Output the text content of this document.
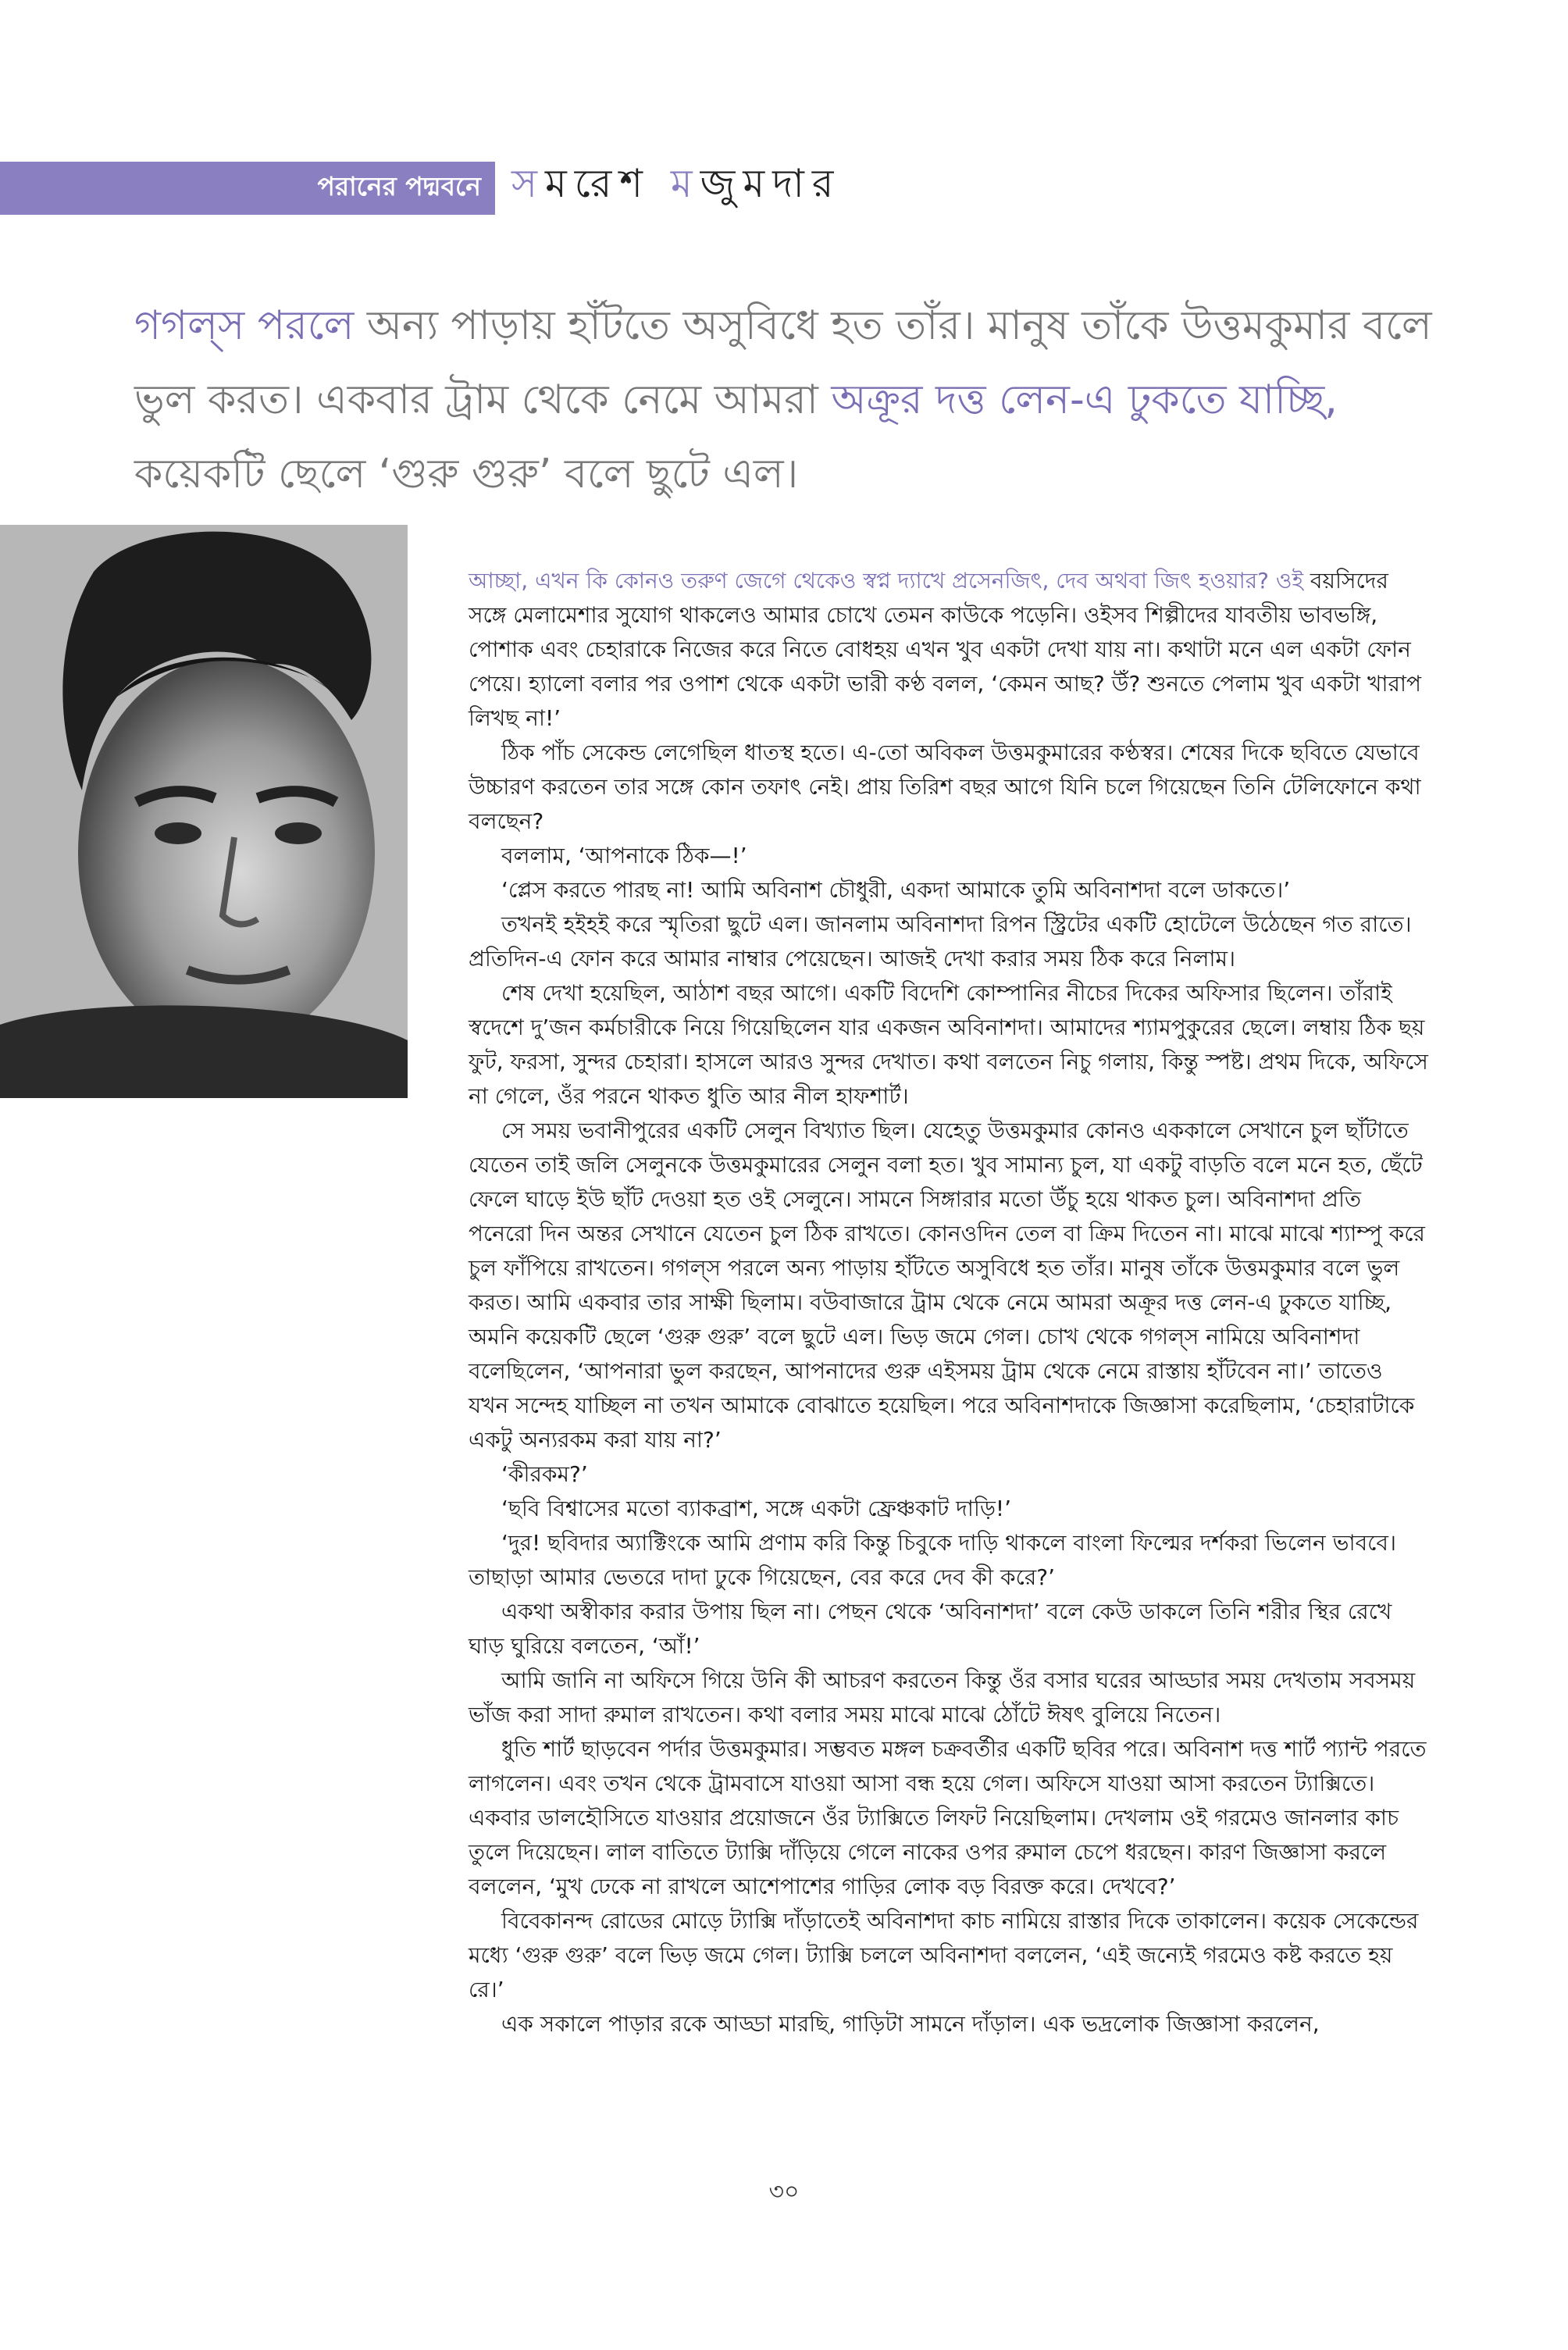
পরানের পদ্মবনে সমরেশ মজুমদার
গগল্‌স পরলে অন্য পাড়ায় হাঁটতে অসুবিধে হত তাঁর। মানুষ তাঁকে উত্তমকুমার বলে ভুল করত। একবার ট্রাম থেকে নেমে আমরা অক্রূর দত্ত লেন-এ ঢুকতে যাচ্ছি, কয়েকটি ছেলে ‘গুরু গুরু’ বলে ছুটে এল।

আচ্ছা, এখন কি কোনও তরুণ জেগে থেকেও স্বপ্ন দ্যাখে প্রসেনজিৎ, দেব অথবা জিৎ হওয়ার? ওই বয়সিদের সঙ্গে মেলামেশার সুযোগ থাকলেও আমার চোখে তেমন কাউকে পড়েনি। ওইসব শিল্পীদের যাবতীয় ভাবভঙ্গি, পোশাক এবং চেহারাকে নিজের করে নিতে বোধহয় এখন খুব একটা দেখা যায় না। কথাটা মনে এল একটা ফোন পেয়ে। হ্যালো বলার পর ওপাশ থেকে একটা ভারী কণ্ঠ বলল, ‘কেমন আছ? উঁ? শুনতে পেলাম খুব একটা খারাপ লিখছ না!’

ঠিক পাঁচ সেকেন্ড লেগেছিল ধাতস্থ হতে। এ-তো অবিকল উত্তমকুমারের কণ্ঠস্বর। শেষের দিকে ছবিতে যেভাবে উচ্চারণ করতেন তার সঙ্গে কোন তফাৎ নেই। প্রায় তিরিশ বছর আগে যিনি চলে গিয়েছেন তিনি টেলিফোনে কথা বলছেন?

বললাম, ‘আপনাকে ঠিক—!’

‘প্লেস করতে পারছ না! আমি অবিনাশ চৌধুরী, একদা আমাকে তুমি অবিনাশদা বলে ডাকতে।’

তখনই হইহই করে স্মৃতিরা ছুটে এল। জানলাম অবিনাশদা রিপন স্ট্রিটের একটি হোটেলে উঠেছেন গত রাতে। প্রতিদিন-এ ফোন করে আমার নাম্বার পেয়েছেন। আজই দেখা করার সময় ঠিক করে নিলাম।

শেষ দেখা হয়েছিল, আঠাশ বছর আগে। একটি বিদেশি কোম্পানির নীচের দিকের অফিসার ছিলেন। তাঁরাই স্বদেশে দু’জন কর্মচারীকে নিয়ে গিয়েছিলেন যার একজন অবিনাশদা। আমাদের শ্যামপুকুরের ছেলে। লম্বায় ঠিক ছয় ফুট, ফরসা, সুন্দর চেহারা। হাসলে আরও সুন্দর দেখাত। কথা বলতেন নিচু গলায়, কিন্তু স্পষ্ট। প্রথম দিকে, অফিসে না গেলে, ওঁর পরনে থাকত ধুতি আর নীল হাফশার্ট।

সে সময় ভবানীপুরের একটি সেলুন বিখ্যাত ছিল। যেহেতু উত্তমকুমার কোনও এককালে সেখানে চুল ছাঁটাতে যেতেন তাই জলি সেলুনকে উত্তমকুমারের সেলুন বলা হত। খুব সামান্য চুল, যা একটু বাড়তি বলে মনে হত, ছেঁটে ফেলে ঘাড়ে ইউ ছাঁট দেওয়া হত ওই সেলুনে। সামনে সিঙ্গারার মতো উঁচু হয়ে থাকত চুল। অবিনাশদা প্রতি পনেরো দিন অন্তর সেখানে যেতেন চুল ঠিক রাখতে। কোনওদিন তেল বা ক্রিম দিতেন না। মাঝে মাঝে শ্যাম্পু করে চুল ফাঁপিয়ে রাখতেন। গগল্‌স পরলে অন্য পাড়ায় হাঁটতে অসুবিধে হত তাঁর। মানুষ তাঁকে উত্তমকুমার বলে ভুল করত। আমি একবার তার সাক্ষী ছিলাম। বউবাজারে ট্রাম থেকে নেমে আমরা অক্রূর দত্ত লেন-এ ঢুকতে যাচ্ছি, অমনি কয়েকটি ছেলে ‘গুরু গুরু’ বলে ছুটে এল। ভিড় জমে গেল। চোখ থেকে গগল্‌স নামিয়ে অবিনাশদা বলেছিলেন, ‘আপনারা ভুল করছেন, আপনাদের গুরু এইসময় ট্রাম থেকে নেমে রাস্তায় হাঁটবেন না।’ তাতেও যখন সন্দেহ যাচ্ছিল না তখন আমাকে বোঝাতে হয়েছিল। পরে অবিনাশদাকে জিজ্ঞাসা করেছিলাম, ‘চেহারাটাকে একটু অন্যরকম করা যায় না?’

‘কীরকম?’

‘ছবি বিশ্বাসের মতো ব্যাকব্রাশ, সঙ্গে একটা ফ্রেঞ্চকাট দাড়ি!’

‘দুর! ছবিদার অ্যাক্টিংকে আমি প্রণাম করি কিন্তু চিবুকে দাড়ি থাকলে বাংলা ফিল্মের দর্শকরা ভিলেন ভাববে। তাছাড়া আমার ভেতরে দাদা ঢুকে গিয়েছেন, বের করে দেব কী করে?’

একথা অস্বীকার করার উপায় ছিল না। পেছন থেকে ‘অবিনাশদা’ বলে কেউ ডাকলে তিনি শরীর স্থির রেখে ঘাড় ঘুরিয়ে বলতেন, ‘আঁ!’

আমি জানি না অফিসে গিয়ে উনি কী আচরণ করতেন কিন্তু ওঁর বসার ঘরের আড্ডার সময় দেখতাম সবসময় ভাঁজ করা সাদা রুমাল রাখতেন। কথা বলার সময় মাঝে মাঝে ঠোঁটে ঈষৎ বুলিয়ে নিতেন।

ধুতি শার্ট ছাড়বেন পর্দার উত্তমকুমার। সম্ভবত মঙ্গল চক্রবর্তীর একটি ছবির পরে। অবিনাশ দত্ত শার্ট প্যান্ট পরতে লাগলেন। এবং তখন থেকে ট্রামবাসে যাওয়া আসা বন্ধ হয়ে গেল। অফিসে যাওয়া আসা করতেন ট্যাক্সিতে। একবার ডালহৌসিতে যাওয়ার প্রয়োজনে ওঁর ট্যাক্সিতে লিফট নিয়েছিলাম। দেখলাম ওই গরমেও জানলার কাচ তুলে দিয়েছেন। লাল বাতিতে ট্যাক্সি দাঁড়িয়ে গেলে নাকের ওপর রুমাল চেপে ধরছেন। কারণ জিজ্ঞাসা করলে বললেন, ‘মুখ ঢেকে না রাখলে আশেপাশের গাড়ির লোক বড় বিরক্ত করে। দেখবে?’

বিবেকানন্দ রোডের মোড়ে ট্যাক্সি দাঁড়াতেই অবিনাশদা কাচ নামিয়ে রাস্তার দিকে তাকালেন। কয়েক সেকেন্ডের মধ্যে ‘গুরু গুরু’ বলে ভিড় জমে গেল। ট্যাক্সি চললে অবিনাশদা বললেন, ‘এই জন্যেই গরমেও কষ্ট করতে হয় রে।’

এক সকালে পাড়ার রকে আড্ডা মারছি, গাড়িটা সামনে দাঁড়াল। এক ভদ্রলোক জিজ্ঞাসা করলেন,

৩০
